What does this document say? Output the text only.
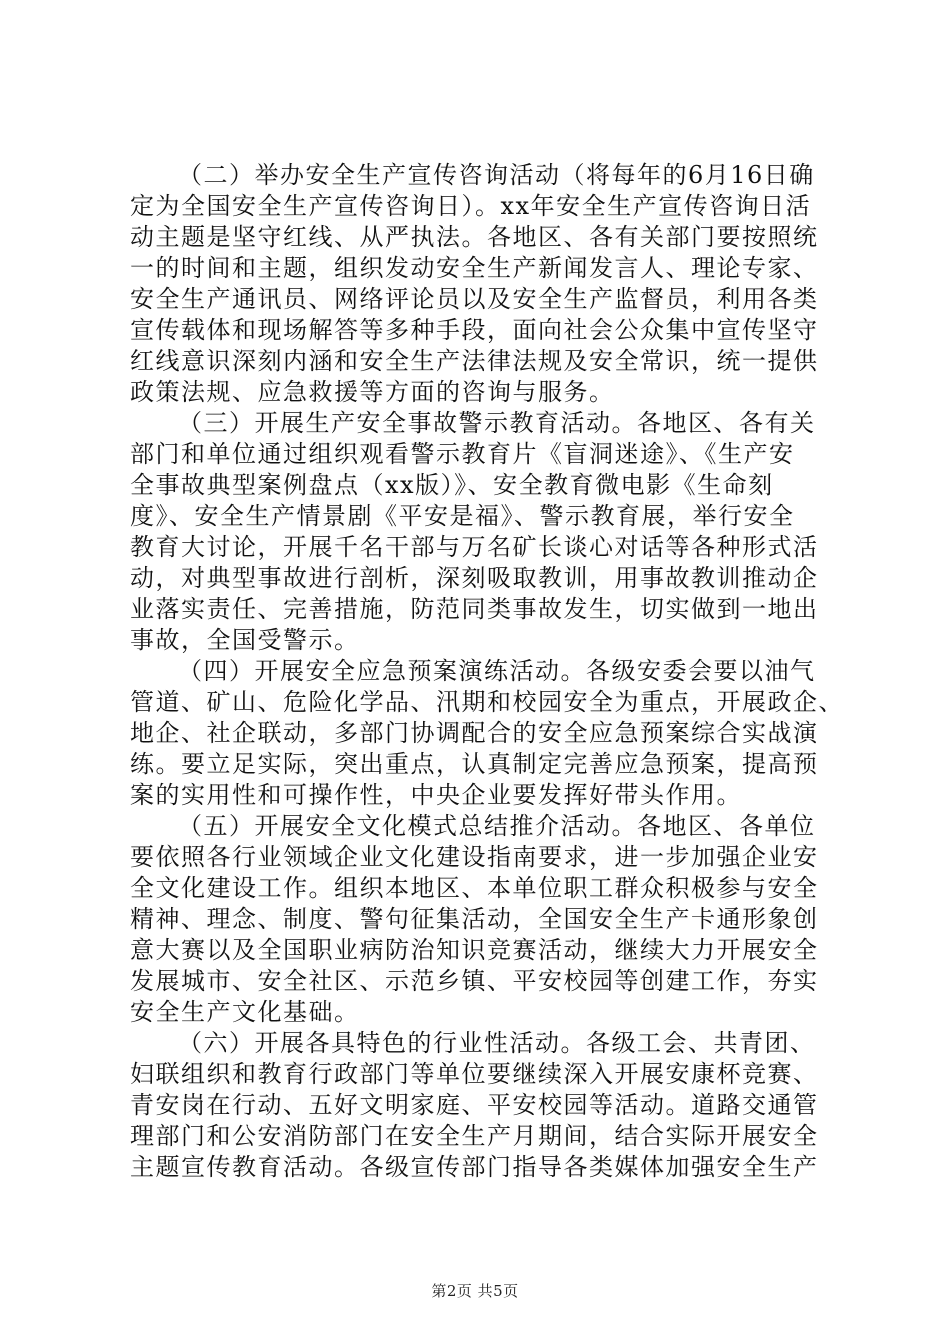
（二）举办安全生产宣传咨询活动（将每年的6月16日确
定为全国安全生产宣传咨询日）。xx年安全生产宣传咨询日活
动主题是坚守红线、从严执法。各地区、各有关部门要按照统
一的时间和主题，组织发动安全生产新闻发言人、理论专家、
安全生产通讯员、网络评论员以及安全生产监督员，利用各类
宣传载体和现场解答等多种手段，面向社会公众集中宣传坚守
红线意识深刻内涵和安全生产法律法规及安全常识，统一提供
政策法规、应急救援等方面的咨询与服务。
（三）开展生产安全事故警示教育活动。各地区、各有关
部门和单位通过组织观看警示教育片《盲洞迷途》、《生产安
全事故典型案例盘点（xx版）》、安全教育微电影《生命刻
度》、安全生产情景剧《平安是福》、警示教育展，举行安全
教育大讨论，开展千名干部与万名矿长谈心对话等各种形式活
动，对典型事故进行剖析，深刻吸取教训，用事故教训推动企
业落实责任、完善措施，防范同类事故发生，切实做到一地出
事故，全国受警示。
（四）开展安全应急预案演练活动。各级安委会要以油气
管道、矿山、危险化学品、汛期和校园安全为重点，开展政企、
地企、社企联动，多部门协调配合的安全应急预案综合实战演
练。要立足实际，突出重点，认真制定完善应急预案，提高预
案的实用性和可操作性，中央企业要发挥好带头作用。
（五）开展安全文化模式总结推介活动。各地区、各单位
要依照各行业领域企业文化建设指南要求，进一步加强企业安
全文化建设工作。组织本地区、本单位职工群众积极参与安全
精神、理念、制度、警句征集活动，全国安全生产卡通形象创
意大赛以及全国职业病防治知识竞赛活动，继续大力开展安全
发展城市、安全社区、示范乡镇、平安校园等创建工作，夯实
安全生产文化基础。
（六）开展各具特色的行业性活动。各级工会、共青团、
妇联组织和教育行政部门等单位要继续深入开展安康杯竞赛、
青安岗在行动、五好文明家庭、平安校园等活动。道路交通管
理部门和公安消防部门在安全生产月期间，结合实际开展安全
主题宣传教育活动。各级宣传部门指导各类媒体加强安全生产
第2页 共5页
